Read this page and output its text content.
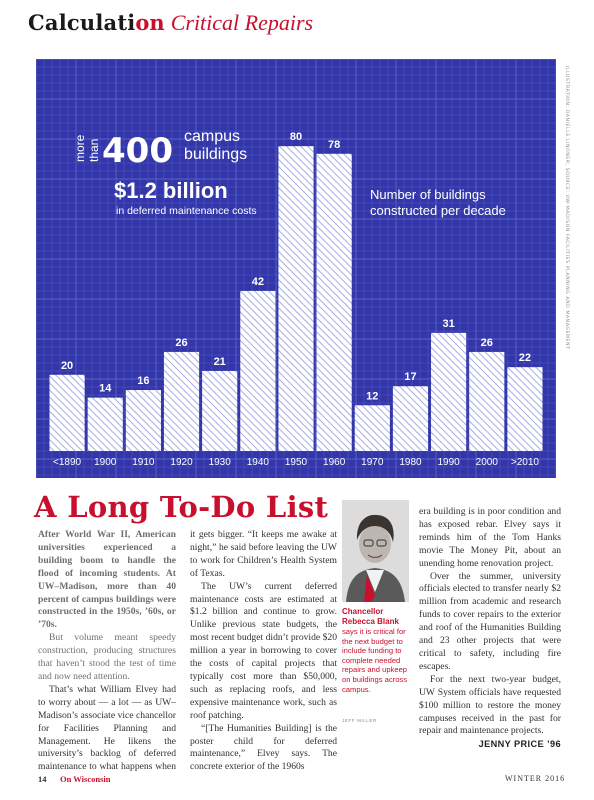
Calculation Critical Repairs
20
14
16
26
21
42
80
78
12
17
31
26
22
<1890 1900 1910 1920 1930 1940 1950 1960 1970 1980 1990 2000 >2010
more than 400 campus
buildings
$1.2 billion
in deferred maintenance costs
Number of buildings constructed per decade	ILLUSTRATION: DANIELLE LINDNER; SOURCE: UW-MADISON FACILITIES PLANNING AND MANAGEMENT
A Long To-Do List

After World War II, American universities experienced a building boom to handle the flood of incoming students. At UW–Madison, more than 40 percent of campus buildings were constructed in the 1950s, ’60s, or ’70s.

But volume meant speedy construction, producing structures that haven’t stood the test of time and now need attention.

That’s what William Elvey had to worry about — a lot — as UW–Madison’s associate vice chancellor for Facilities Planning and Management. He likens the university’s backlog of deferred maintenance to what happens when

it gets bigger. “It keeps me awake at night,” he said before leaving the UW to work for Children’s Health System of Texas.

The UW’s current deferred maintenance costs are estimated at $1.2 billion and continue to grow. Unlike previous state budgets, the most recent budget didn’t provide $20 million a year in borrowing to cover the costs of capital projects that typically cost more than $50,000, such as replacing roofs, and less expensive maintenance work, such as roof patching.

“[The Humanities Building] is the poster child for deferred maintenance,” Elvey says. The concrete exterior of the 1960s

Chancellor Rebecca Blank
says it is critical for the next budget to include funding to complete needed repairs and upkeep on buildings across campus.
JEFF MILLER

era building is in poor condition and has exposed rebar. Elvey says it reminds him of the Tom Hanks movie The Money Pit, about an unending home renovation project.

Over the summer, university officials elected to transfer nearly $2 million from academic and research funds to cover repairs to the exterior and roof of the Humanities Building and 23 other projects that were critical to safety, including fire escapes.

For the next two-year budget, UW System officials have requested $100 million to restore the money campuses received in the past for repair and maintenance projects.

JENNY PRICE ’96
14 On Wisconsin	WINTER 2016
